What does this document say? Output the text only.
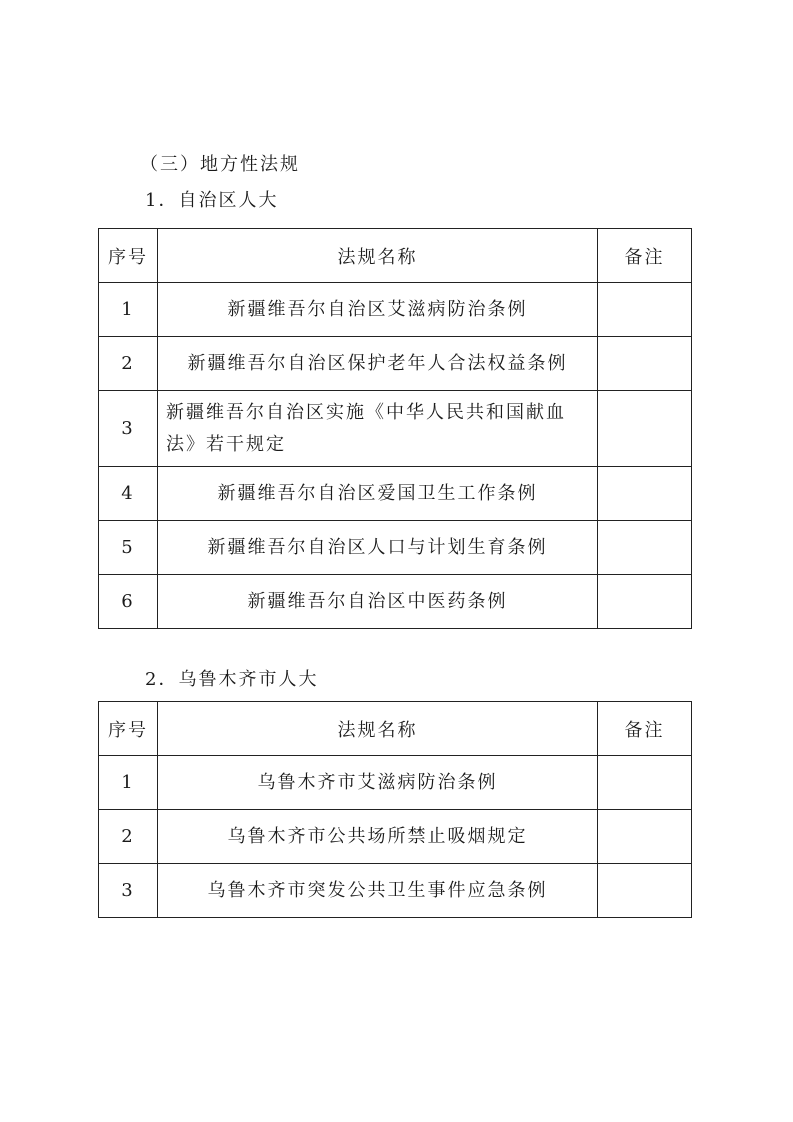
（三）地方性法规
1．自治区人大
序号	法规名称	备注
1	新疆维吾尔自治区艾滋病防治条例	
2	新疆维吾尔自治区保护老年人合法权益条例	
3	新疆维吾尔自治区实施《中华人民共和国献血法》若干规定	
4	新疆维吾尔自治区爱国卫生工作条例	
5	新疆维吾尔自治区人口与计划生育条例	
6	新疆维吾尔自治区中医药条例	
2．乌鲁木齐市人大
序号	法规名称	备注
1	乌鲁木齐市艾滋病防治条例	
2	乌鲁木齐市公共场所禁止吸烟规定	
3	乌鲁木齐市突发公共卫生事件应急条例	
